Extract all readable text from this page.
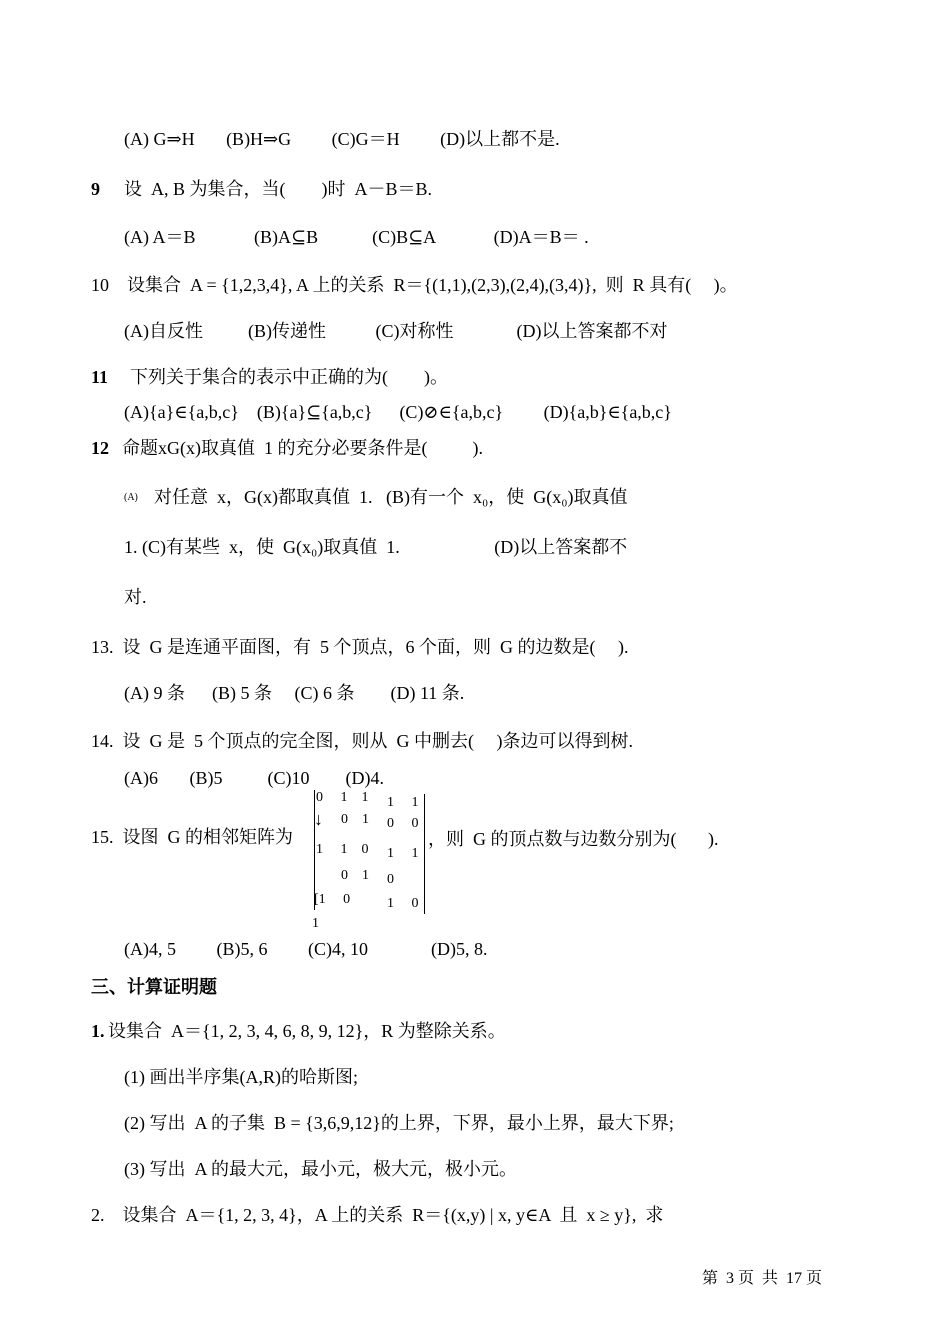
(A) G⇒H       (B)H⇒G         (C)G＝H         (D)以上都不是.
9 设  A, B 为集合，当(        )时  A－B＝B.
(A) A＝B             (B)A⊆B            (C)B⊆A             (D)A＝B＝ .
10    设集合  A = {1,2,3,4}, A 上的关系  R＝{(1,1),(2,3),(2,4),(3,4)},  则  R 具有(     )。
(A)自反性          (B)传递性           (C)对称性              (D)以上答案都不对
11 下列关于集合的表示中正确的为(        )。
(A){a}∈{a,b,c}    (B){a}⊆{a,b,c}      (C)⊘∈{a,b,c}         (D){a,b}∈{a,b,c}
12 命题xG(x)取真值  1 的充分必要条件是(          ).
(A) 对任意  x，G(x)都取真值  1.   (B)有一个  x₀，使  G(x₀)取真值
1. (C)有某些  x，使  G(x₀)取真值  1.                     (D)以上答案都不
对.
13.  设  G 是连通平面图，有  5 个顶点，6 个面，则  G 的边数是(     ).
(A) 9 条      (B) 5 条     (C) 6 条        (D) 11 条.
14.  设  G 是  5 个顶点的完全图，则从  G 中删去(     )条边可以得到树.
(A)6       (B)5          (C)10        (D)4.
15.  设图  G 的相邻矩阵为
0     1    1 1     1
↓ 0    1 0     0
1     1    0 1     1
0    1 0
[1     0	1     0
1
，则  G 的顶点数与边数分别为(       ).
(A)4, 5         (B)5, 6         (C)4, 10              (D)5, 8.
三、计算证明题
1. 设集合  A＝{1, 2, 3, 4, 6, 8, 9, 12}，R 为整除关系。
(1) 画出半序集(A,R)的哈斯图;
(2) 写出  A 的子集  B = {3,6,9,12}的上界，下界，最小上界，最大下界;
(3) 写出  A 的最大元，最小元，极大元，极小元。
2.    设集合  A＝{1, 2, 3, 4}，A 上的关系  R＝{(x,y) | x, y∈A  且  x ≥ y},  求
第  3 页  共  17 页
